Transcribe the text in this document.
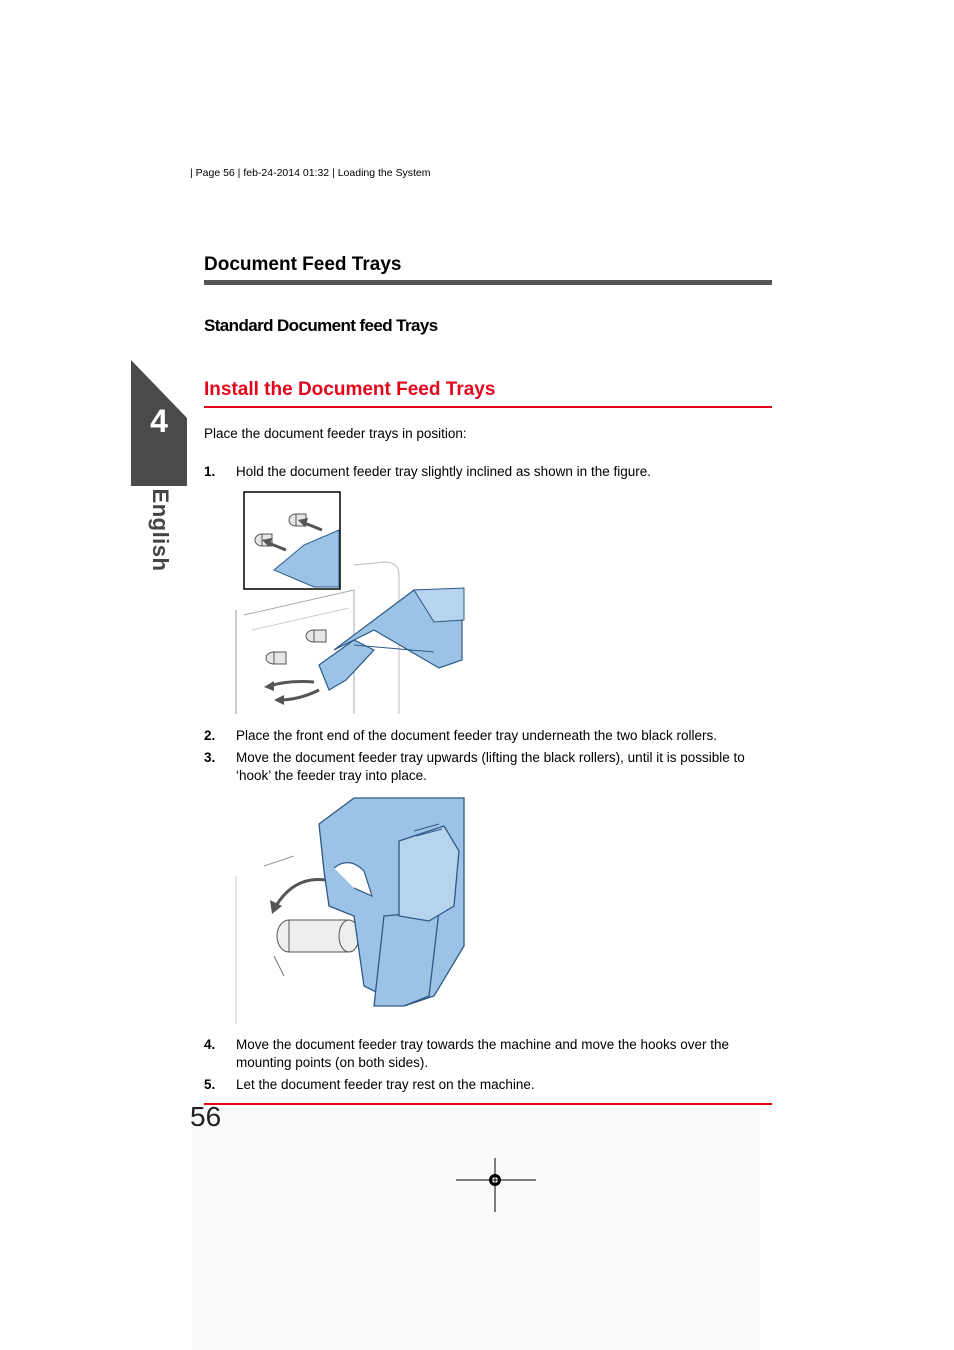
| Page 56 | feb-24-2014 01:32 | Loading the System
Document Feed Trays
Standard Document feed Trays
4
English
Install the Document Feed Trays
Place the document feeder trays in position:
1. Hold the document feeder tray slightly inclined as shown in the figure.
2. Place the front end of the document feeder tray underneath the two black rollers.
3. Move the document feeder tray upwards (lifting the black rollers), until it is possible to ‘hook’ the feeder tray into place.
4. Move the document feeder tray towards the machine and move the hooks over the mounting points (on both sides).
5. Let the document feeder tray rest on the machine.
56
